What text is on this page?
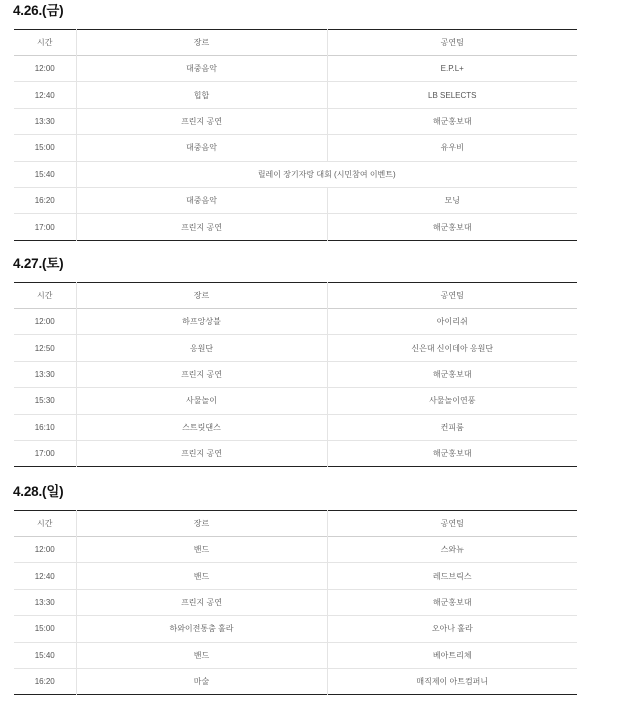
4.26.(금)
시간	장르	공연팀
12:00	대중음악	E.P.L+
12:40	힙합	LB SELECTS
13:30	프린지 공연	해군홍보대
15:00	대중음악	유우비
15:40	릴레이 장기자랑 대회 (시민참여 이벤트)	
16:20	대중음악	모닝
17:00	프린지 공연	해군홍보대
4.27.(토)
시간	장르	공연팀
12:00	하프앙상블	아이리쉬
12:50	응원단	신은대 신이데아 응원단
13:30	프린지 공연	해군홍보대
15:30	사물놀이	사물놀이연풍
16:10	스트릿댄스	컨피룸
17:00	프린지 공연	해군홍보대
4.28.(일)
시간	장르	공연팀
12:00	밴드	스와뉴
12:40	밴드	레드브릭스
13:30	프린지 공연	해군홍보대
15:00	하와이전통춤 훌라	오아나 훌라
15:40	밴드	베아트리체
16:20	마술	매직제이 아트컴퍼니
